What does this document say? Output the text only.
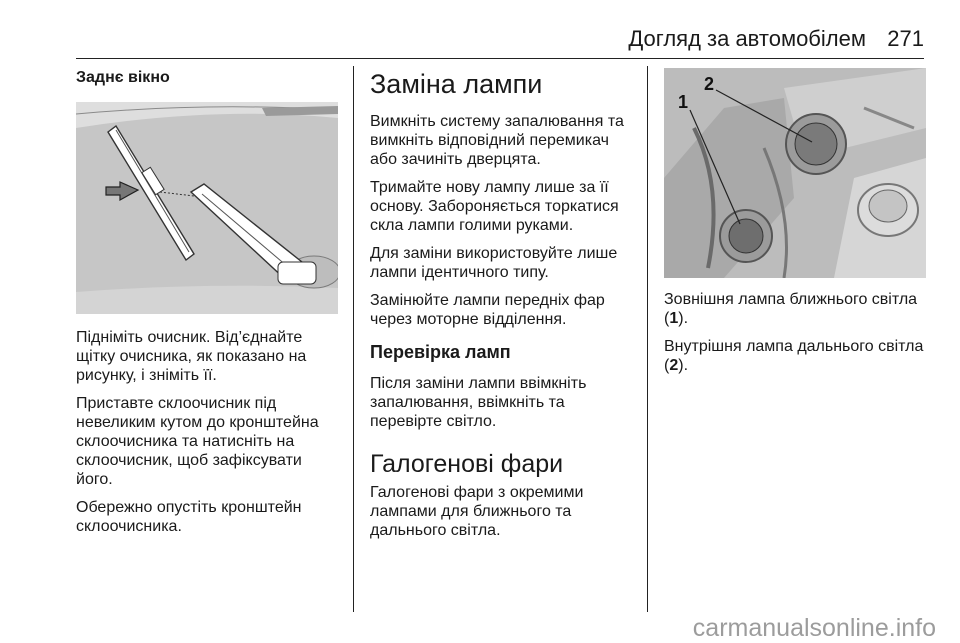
Догляд за автомобілем 271
Заднє вікно

Підніміть очисник. Від’єднайте щітку очисника, як показано на рисунку, і зніміть її.

Приставте склоочисник під невеликим кутом до кронштейна склоочисника та натисніть на склоочисник, щоб зафіксувати його.

Обережно опустіть кронштейн склоочисника.

Заміна лампи

Вимкніть систему запалювання та вимкніть відповідний перемикач або зачиніть дверцята.

Тримайте нову лампу лише за її основу. Забороняється торкатися скла лампи голими руками.

Для заміни використовуйте лише лампи ідентичного типу.

Замінюйте лампи передніх фар через моторне відділення.

Перевірка ламп

Після заміни лампи ввімкніть запалювання, ввімкніть та перевірте світло.

Галогенові фари

Галогенові фари з окремими лампами для ближнього та дальнього світла.

1
2

Зовнішня лампа ближнього світла (1).

Внутрішня лампа дальнього світла (2).

carmanualsonline.info
